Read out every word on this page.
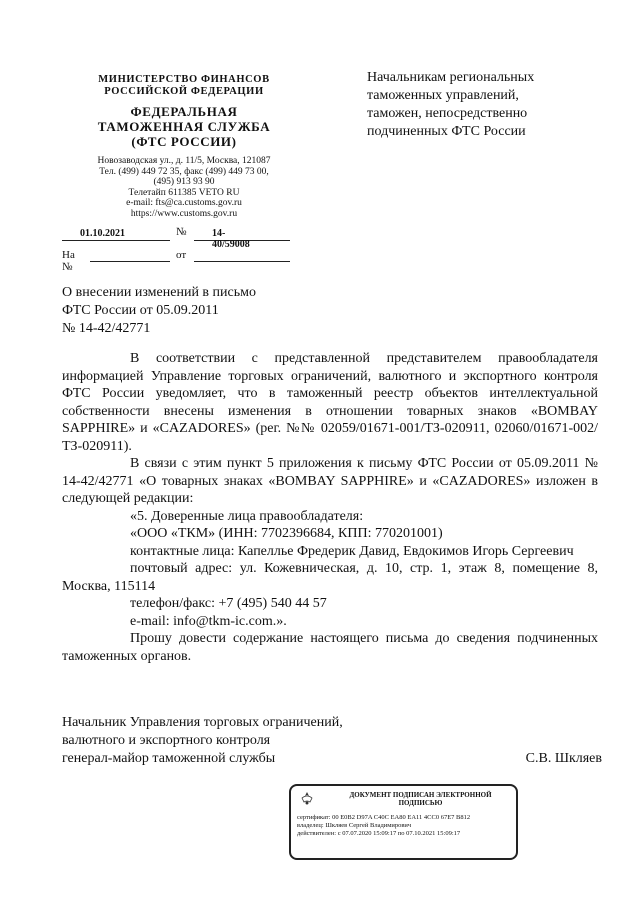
МИНИСТЕРСТВО ФИНАНСОВ
РОССИЙСКОЙ ФЕДЕРАЦИИ
ФЕДЕРАЛЬНАЯ
ТАМОЖЕННАЯ СЛУЖБА
(ФТС РОССИИ)
Новозаводская ул., д. 11/5, Москва, 121087
Тел. (499) 449 72 35, факс (499) 449 73 00,
(495) 913 93 90
Телетайп 611385 VETO RU
e-mail: fts@ca.customs.gov.ru
https://www.customs.gov.ru
01.10.2021	№	14-40/59008
На №
от
Начальникам региональных
таможенных управлений,
таможен, непосредственно
подчиненных ФТС России
О внесении изменений в письмо
ФТС России от 05.09.2011
№ 14-42/42771

В соответствии с представленной представителем правообладателя информацией Управление торговых ограничений, валютного и экспортного контроля ФТС России уведомляет, что в таможенный реестр объектов интеллектуальной собственности внесены изменения в отношении товарных знаков «BOMBAY SAPPHIRE» и «CAZADORES» (рег. №№ 02059/01671-001/ТЗ-020911, 02060/01671-002/ТЗ-020911).

В связи с этим пункт 5 приложения к письму ФТС России от 05.09.2011 № 14-42/42771 «О товарных знаках «BOMBAY SAPPHIRE» и «CAZADORES» изложен в следующей редакции:

«5. Доверенные лица правообладателя:

«ООО «ТКМ» (ИНН: 7702396684, КПП: 770201001)

контактные лица: Капеллье Фредерик Давид, Евдокимов Игорь Сергеевич

почтовый адрес: ул. Кожевническая, д. 10, стр. 1, этаж 8, помещение 8, Москва, 115114

телефон/факс: +7 (495) 540 44 57

e-mail: info@tkm-ic.com.».

Прошу довести содержание настоящего письма до сведения подчиненных таможенных органов.

Начальник Управления торговых ограничений,
валютного и экспортного контроля
генерал-майор таможенной службы	С.В. Шкляев
ДОКУМЕНТ ПОДПИСАН ЭЛЕКТРОННОЙ ПОДПИСЬЮ
сертификат: 00 E0B2 D97A C40C EA80 EA11 4CC0 67E7 B812
владелец: Шкляев Сергей Владимирович
действителен: с 07.07.2020 15:09:17 по 07.10.2021 15:09:17
